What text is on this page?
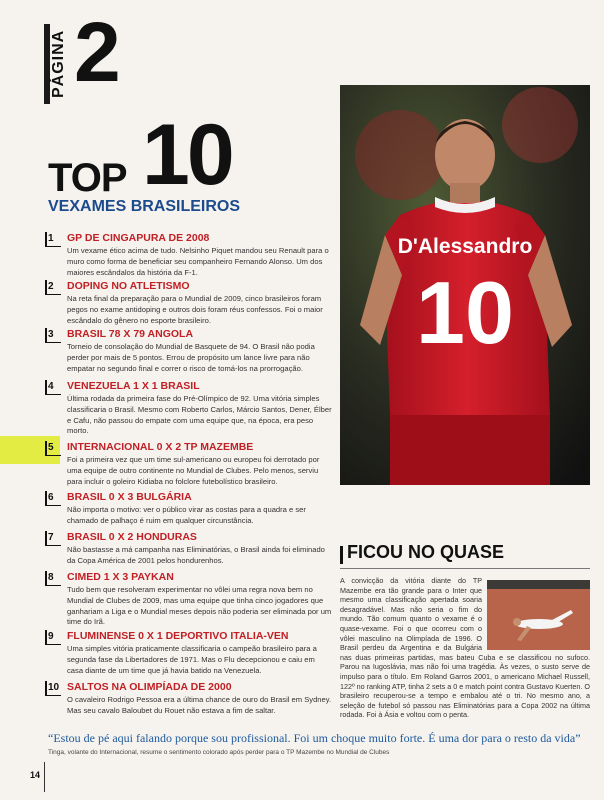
PÁGINA 2
TOP 10
VEXAMES BRASILEIROS
1 GP DE CINGAPURA DE 2008
Um vexame ético acima de tudo. Nelsinho Piquet mandou seu Renault para o muro como forma de beneficiar seu companheiro Fernando Alonso. Um dos maiores escândalos da história da F-1.
2 DOPING NO ATLETISMO
Na reta final da preparação para o Mundial de 2009, cinco brasileiros foram pegos no exame antidoping e outros dois foram réus confessos. Foi o maior escândalo do gênero no esporte brasileiro.
3 BRASIL 78 X 79 ANGOLA
Torneio de consolação do Mundial de Basquete de 94. O Brasil não podia perder por mais de 5 pontos. Errou de propósito um lance livre para não empatar no segundo final e correr o risco de tomá-los na prorrogação.
4 VENEZUELA 1 X 1 BRASIL
Última rodada da primeira fase do Pré-Olímpico de 92. Uma vitória simples classificaria o Brasil. Mesmo com Roberto Carlos, Márcio Santos, Dener, Élber e Cafu, não passou do empate com uma equipe que, na época, era peso morto.
5 INTERNACIONAL 0 X 2 TP MAZEMBE
Foi a primeira vez que um time sul-americano ou europeu foi derrotado por uma equipe de outro continente no Mundial de Clubes. Pelo menos, serviu para incluir o goleiro Kidiaba no folclore futebolístico brasileiro.
6 BRASIL 0 X 3 BULGÁRIA
Não importa o motivo: ver o público virar as costas para a quadra e ser chamado de palhaço é ruim em qualquer circunstância.
7 BRASIL 0 X 2 HONDURAS
Não bastasse a má campanha nas Eliminatórias, o Brasil ainda foi eliminado da Copa América de 2001 pelos hondurenhos.
8 CIMED 1 X 3 PAYKAN
Tudo bem que resolveram experimentar no vôlei uma regra nova bem no Mundial de Clubes de 2009, mas uma equipe que tinha cinco jogadores que ganhariam a Liga e o Mundial meses depois não poderia ser eliminada por um time do Irã.
9 FLUMINENSE 0 X 1 DEPORTIVO ITALIA-VEN
Uma simples vitória praticamente classificaria o campeão brasileiro para a segunda fase da Libertadores de 1971. Mas o Flu decepcionou e caiu em casa diante de um time que já havia batido na Venezuela.
10 SALTOS NA OLIMPÍADA DE 2000
O cavaleiro Rodrigo Pessoa era a última chance de ouro do Brasil em Sydney. Mas seu cavalo Baloubet du Rouet não estava a fim de saltar.
D'Alessandro
10
FICOU NO QUASE
A convicção da vitória diante do TP Mazembe era tão grande para o Inter que mesmo uma classificação apertada soaria desagradável. Mas não seria o fim do mundo. Tão comum quanto o vexame é o quase-vexame. Foi o que ocorreu com o vôlei masculino na Olimpíada de 1996. O Brasil perdeu da Argentina e da Bulgária nas duas primeiras partidas, mas bateu Cuba e se classificou no sufoco. Parou na Iugoslávia, mas não foi uma tragédia. Às vezes, o susto serve de impulso para o título. Em Roland Garros 2001, o americano Michael Russell, 122º no ranking ATP, tinha 2 sets a 0 e match point contra Gustavo Kuerten. O brasileiro recuperou-se a tempo e embalou até o tri. No mesmo ano, a seleção de futebol só passou nas Eliminatórias para a Copa 2002 na última rodada. Foi à Ásia e voltou com o penta.
“Estou de pé aqui falando porque sou profissional. Foi um choque muito forte. É uma dor para o resto da vida”
Tinga, volante do Internacional, resume o sentimento colorado após perder para o TP Mazembe no Mundial de Clubes
14
